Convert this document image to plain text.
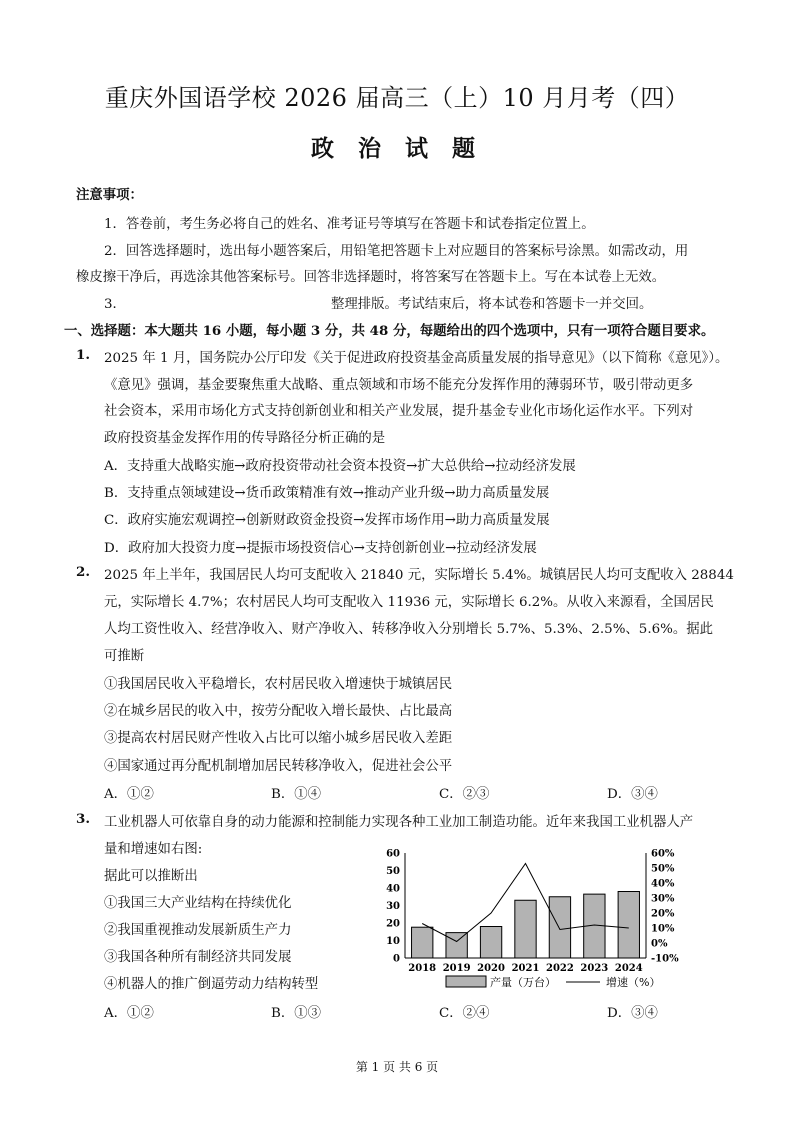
重庆外国语学校 2026 届高三（上）10 月月考（四）
政 治 试 题
注意事项：
1．答卷前，考生务必将自己的姓名、准考证号等填写在答题卡和试卷指定位置上。
2．回答选择题时，选出每小题答案后，用铅笔把答题卡上对应题目的答案标号涂黑。如需改动，用
橡皮擦干净后，再选涂其他答案标号。回答非选择题时，将答案写在答题卡上。写在本试卷上无效。
3．	整理排版。考试结束后，将本试卷和答题卡一并交回。
一、选择题：本大题共 16 小题，每小题 3 分，共 48 分，每题给出的四个选项中，只有一项符合题目要求。
1. 2025 年 1 月，国务院办公厅印发《关于促进政府投资基金高质量发展的指导意见》（以下简称《意见》）。
《意见》强调，基金要聚焦重大战略、重点领域和市场不能充分发挥作用的薄弱环节，吸引带动更多
社会资本，采用市场化方式支持创新创业和相关产业发展，提升基金专业化市场化运作水平。下列对
政府投资基金发挥作用的传导路径分析正确的是
A．支持重大战略实施→政府投资带动社会资本投资→扩大总供给→拉动经济发展
B．支持重点领域建设→货币政策精准有效→推动产业升级→助力高质量发展
C．政府实施宏观调控→创新财政资金投资→发挥市场作用→助力高质量发展
D．政府加大投资力度→提振市场投资信心→支持创新创业→拉动经济发展
2. 2025 年上半年，我国居民人均可支配收入 21840 元，实际增长 5.4%。城镇居民人均可支配收入 28844
元，实际增长 4.7%；农村居民人均可支配收入 11936 元，实际增长 6.2%。从收入来源看，全国居民
人均工资性收入、经营净收入、财产净收入、转移净收入分别增长 5.7%、5.3%、2.5%、5.6%。据此
可推断
①我国居民收入平稳增长，农村居民收入增速快于城镇居民
②在城乡居民的收入中，按劳分配收入增长最快、占比最高
③提高农村居民财产性收入占比可以缩小城乡居民收入差距
④国家通过再分配机制增加居民转移净收入，促进社会公平
A．①②	B．①④	C．②③	D．③④
3. 工业机器人可依靠自身的动力能源和控制能力实现各种工业加工制造功能。近年来我国工业机器人产
量和增速如右图:
据此可以推断出
①我国三大产业结构在持续优化
②我国重视推动发展新质生产力
③我国各种所有制经济共同发展
④机器人的推广倒逼劳动力结构转型
A．①②	B．①③	C．②④	D．③④
0
10
20
30
40
50
60
-10%
0%
10%
20%
30%
40%
50%
60%
2018 2019 2020 2021 2022 2023 2024
产量（万台）	增速（%）
第 1 页 共 6 页
